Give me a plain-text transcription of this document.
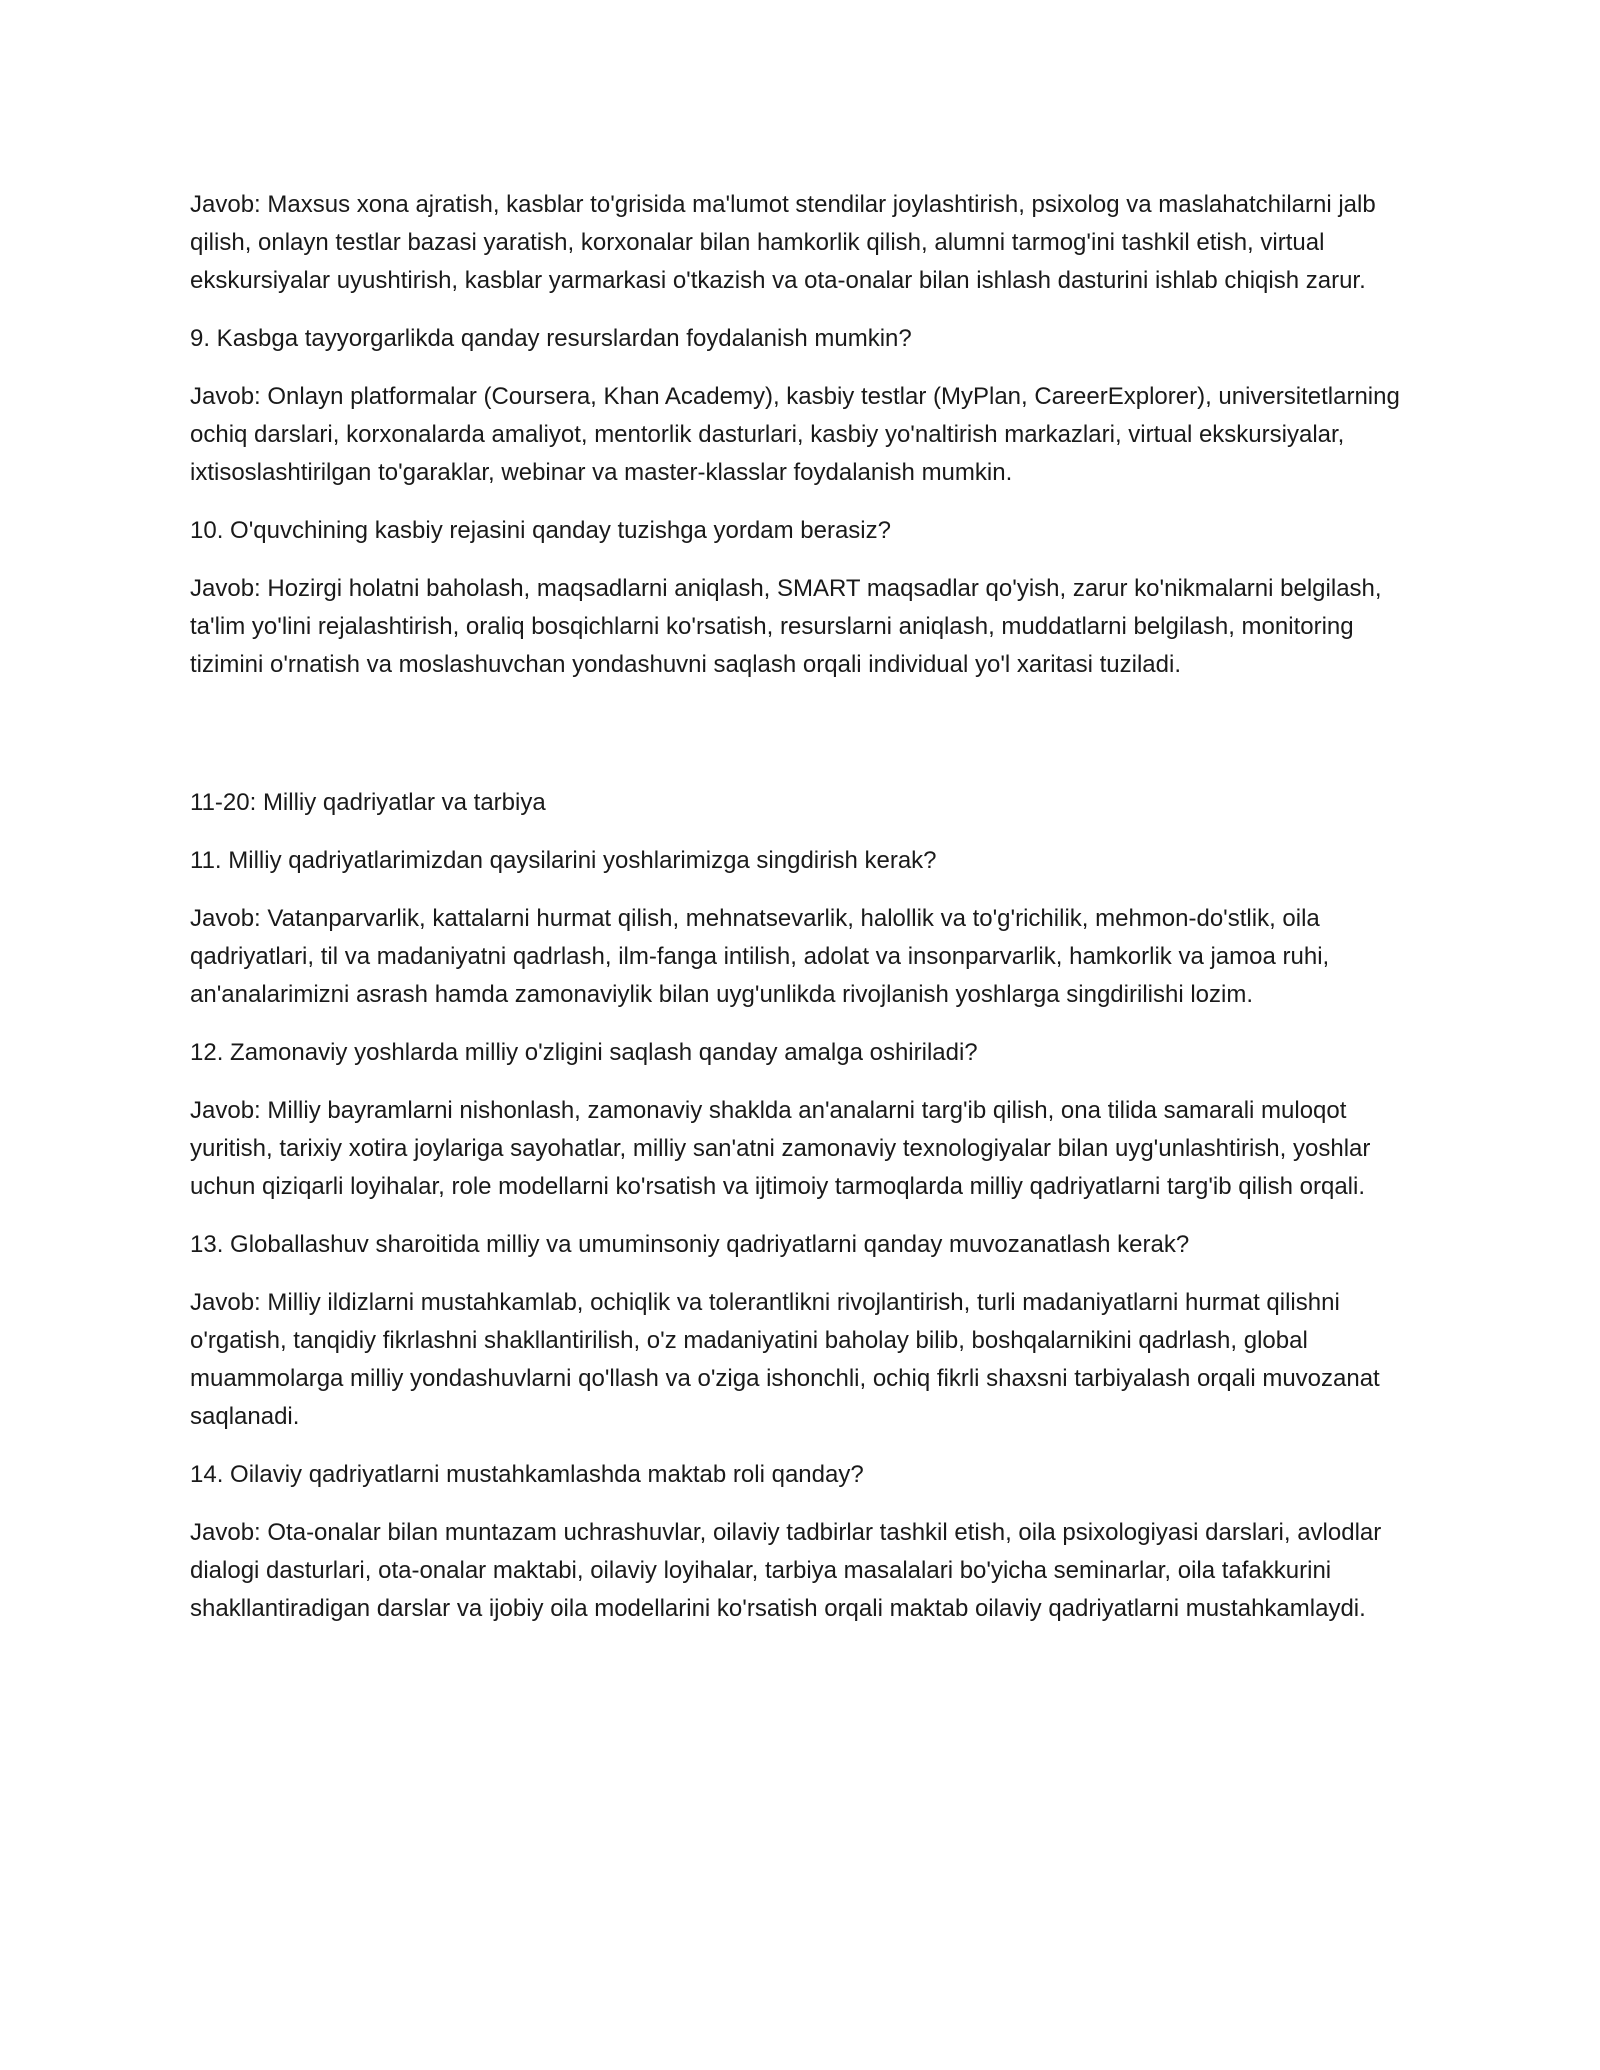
Javob: Maxsus xona ajratish, kasblar to'grisida ma'lumot stendilar joylashtirish, psixolog va maslahatchilarni jalb qilish, onlayn testlar bazasi yaratish, korxonalar bilan hamkorlik qilish, alumni tarmog'ini tashkil etish, virtual ekskursiyalar uyushtirish, kasblar yarmarkasi o'tkazish va ota-onalar bilan ishlash dasturini ishlab chiqish zarur.

9. Kasbga tayyorgarlikda qanday resurslardan foydalanish mumkin?

Javob: Onlayn platformalar (Coursera, Khan Academy), kasbiy testlar (MyPlan, CareerExplorer), universitetlarning ochiq darslari, korxonalarda amaliyot, mentorlik dasturlari, kasbiy yo'naltirish markazlari, virtual ekskursiyalar, ixtisoslashtirilgan to'garaklar, webinar va master-klasslar foydalanish mumkin.

10. O'quvchining kasbiy rejasini qanday tuzishga yordam berasiz?

Javob: Hozirgi holatni baholash, maqsadlarni aniqlash, SMART maqsadlar qo'yish, zarur ko'nikmalarni belgilash, ta'lim yo'lini rejalashtirish, oraliq bosqichlarni ko'rsatish, resurslarni aniqlash, muddatlarni belgilash, monitoring tizimini o'rnatish va moslashuvchan yondashuvni saqlash orqali individual yo'l xaritasi tuziladi.

11-20: Milliy qadriyatlar va tarbiya

11. Milliy qadriyatlarimizdan qaysilarini yoshlarimizga singdirish kerak?

Javob: Vatanparvarlik, kattalarni hurmat qilish, mehnatsevarlik, halollik va to'g'richilik, mehmon-do'stlik, oila qadriyatlari, til va madaniyatni qadrlash, ilm-fanga intilish, adolat va insonparvarlik, hamkorlik va jamoa ruhi, an'analarimizni asrash hamda zamonaviylik bilan uyg'unlikda rivojlanish yoshlarga singdirilishi lozim.

12. Zamonaviy yoshlarda milliy o'zligini saqlash qanday amalga oshiriladi?

Javob: Milliy bayramlarni nishonlash, zamonaviy shaklda an'analarni targ'ib qilish, ona tilida samarali muloqot yuritish, tarixiy xotira joylariga sayohatlar, milliy san'atni zamonaviy texnologiyalar bilan uyg'unlashtirish, yoshlar uchun qiziqarli loyihalar, role modellarni ko'rsatish va ijtimoiy tarmoqlarda milliy qadriyatlarni targ'ib qilish orqali.

13. Globallashuv sharoitida milliy va umuminsoniy qadriyatlarni qanday muvozanatlash kerak?

Javob: Milliy ildizlarni mustahkamlab, ochiqlik va tolerantlikni rivojlantirish, turli madaniyatlarni hurmat qilishni o'rgatish, tanqidiy fikrlashni shakllantirilish, o'z madaniyatini baholay bilib, boshqalarnikini qadrlash, global muammolarga milliy yondashuvlarni qo'llash va o'ziga ishonchli, ochiq fikrli shaxsni tarbiyalash orqali muvozanat saqlanadi.

14. Oilaviy qadriyatlarni mustahkamlashda maktab roli qanday?

Javob: Ota-onalar bilan muntazam uchrashuvlar, oilaviy tadbirlar tashkil etish, oila psixologiyasi darslari, avlodlar dialogi dasturlari, ota-onalar maktabi, oilaviy loyihalar, tarbiya masalalari bo'yicha seminarlar, oila tafakkurini shakllantiradigan darslar va ijobiy oila modellarini ko'rsatish orqali maktab oilaviy qadriyatlarni mustahkamlaydi.
